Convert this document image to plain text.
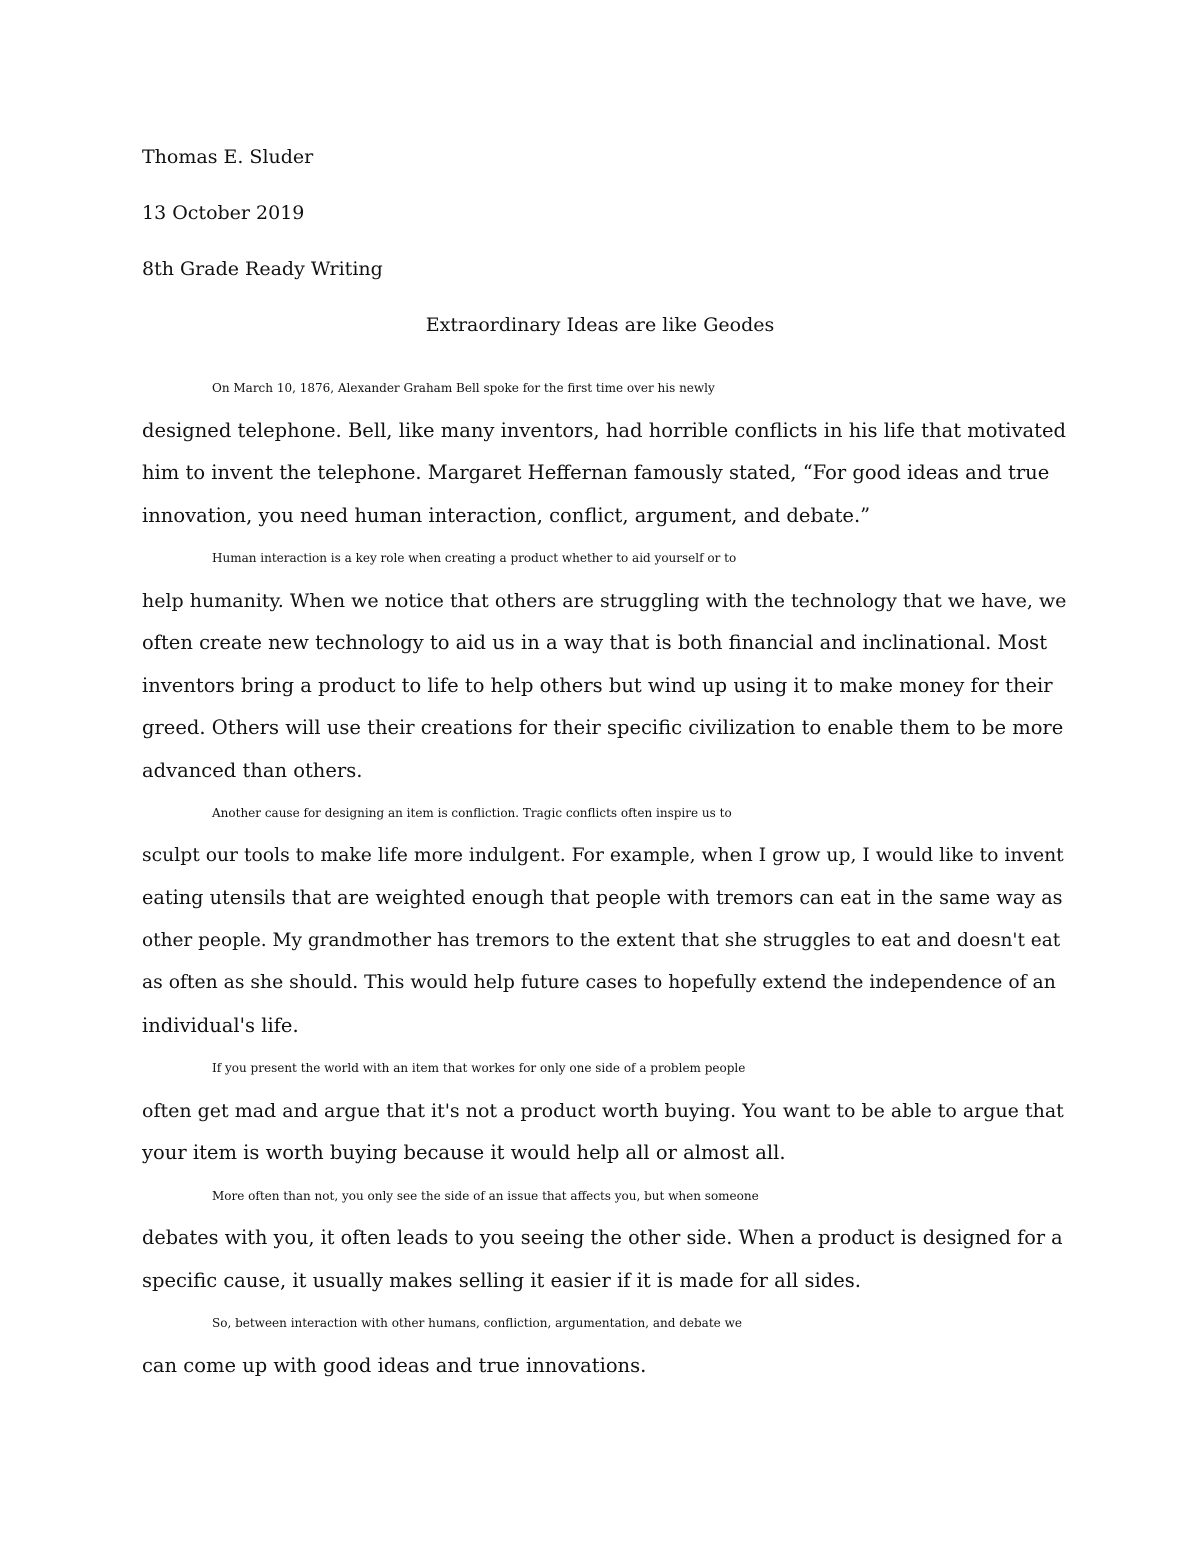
Thomas E. Sluder
13 October 2019
8th Grade Ready Writing
Extraordinary Ideas are like Geodes

On March 10, 1876, Alexander Graham Bell spoke for the first time over his newly
designed telephone. Bell, like many inventors, had horrible conflicts in his life that motivated
him to invent the telephone. Margaret Heffernan famously stated, “For good ideas and true
innovation, you need human interaction, conflict, argument, and debate.”

Human interaction is a key role when creating a product whether to aid yourself or to
help humanity. When we notice that others are struggling with the technology that we have, we
often create new technology to aid us in a way that is both financial and inclinational. Most
inventors bring a product to life to help others but wind up using it to make money for their
greed. Others will use their creations for their specific civilization to enable them to be more
advanced than others.

Another cause for designing an item is confliction. Tragic conflicts often inspire us to
sculpt our tools to make life more indulgent. For example, when I grow up, I would like to invent
eating utensils that are weighted enough that people with tremors can eat in the same way as
other people. My grandmother has tremors to the extent that she struggles to eat and doesn't eat
as often as she should. This would help future cases to hopefully extend the independence of an
individual's life.

If you present the world with an item that workes for only one side of a problem people
often get mad and argue that it's not a product worth buying. You want to be able to argue that
your item is worth buying because it would help all or almost all.

More often than not, you only see the side of an issue that affects you, but when someone
debates with you, it often leads to you seeing the other side. When a product is designed for a
specific cause, it usually makes selling it easier if it is made for all sides.

So, between interaction with other humans, confliction, argumentation, and debate we
can come up with good ideas and true innovations.
